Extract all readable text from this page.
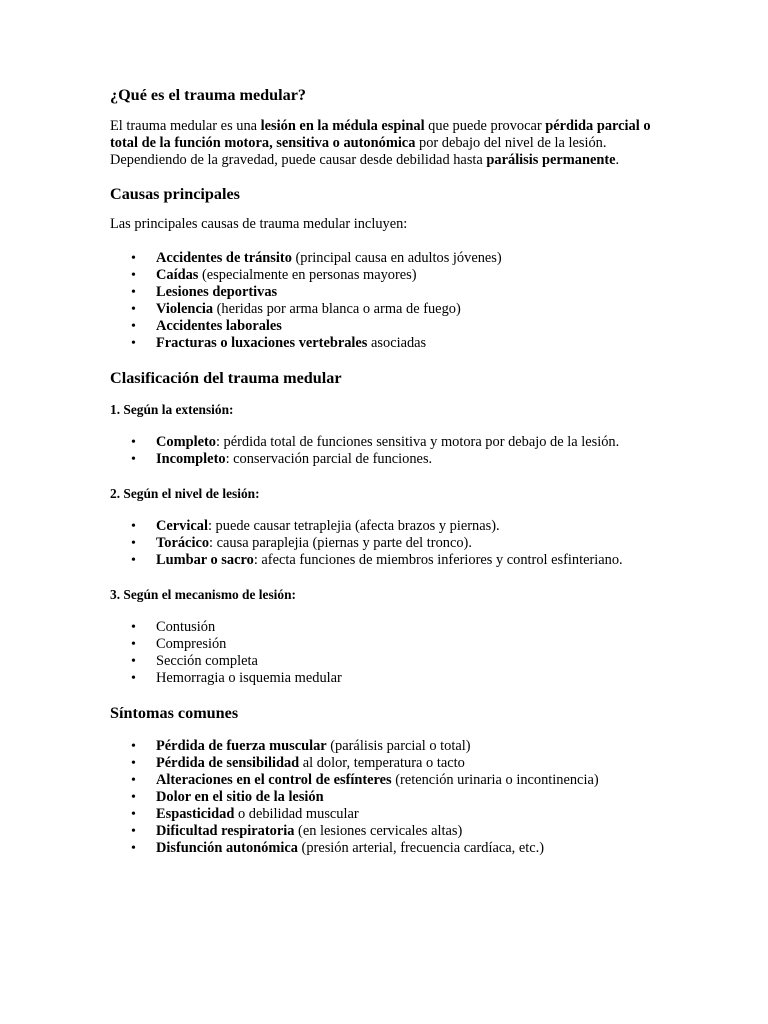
¿Qué es el trauma medular?

El trauma medular es una lesión en la médula espinal que puede provocar pérdida parcial o total de la función motora, sensitiva o autonómica por debajo del nivel de la lesión.

Dependiendo de la gravedad, puede causar desde debilidad hasta parálisis permanente.

Causas principales

Las principales causas de trauma medular incluyen:

• Accidentes de tránsito (principal causa en adultos jóvenes)
• Caídas (especialmente en personas mayores)
• Lesiones deportivas
• Violencia (heridas por arma blanca o arma de fuego)
• Accidentes laborales
• Fracturas o luxaciones vertebrales asociadas
Clasificación del trauma medular
1. Según la extensión:
• Completo: pérdida total de funciones sensitiva y motora por debajo de la lesión.
• Incompleto: conservación parcial de funciones.
2. Según el nivel de lesión:
• Cervical: puede causar tetraplejia (afecta brazos y piernas).
• Torácico: causa paraplejia (piernas y parte del tronco).
• Lumbar o sacro: afecta funciones de miembros inferiores y control esfinteriano.
3. Según el mecanismo de lesión:
• Contusión
• Compresión
• Sección completa
• Hemorragia o isquemia medular
Síntomas comunes
• Pérdida de fuerza muscular (parálisis parcial o total)
• Pérdida de sensibilidad al dolor, temperatura o tacto
• Alteraciones en el control de esfínteres (retención urinaria o incontinencia)
• Dolor en el sitio de la lesión
• Espasticidad o debilidad muscular
• Dificultad respiratoria (en lesiones cervicales altas)
• Disfunción autonómica (presión arterial, frecuencia cardíaca, etc.)
